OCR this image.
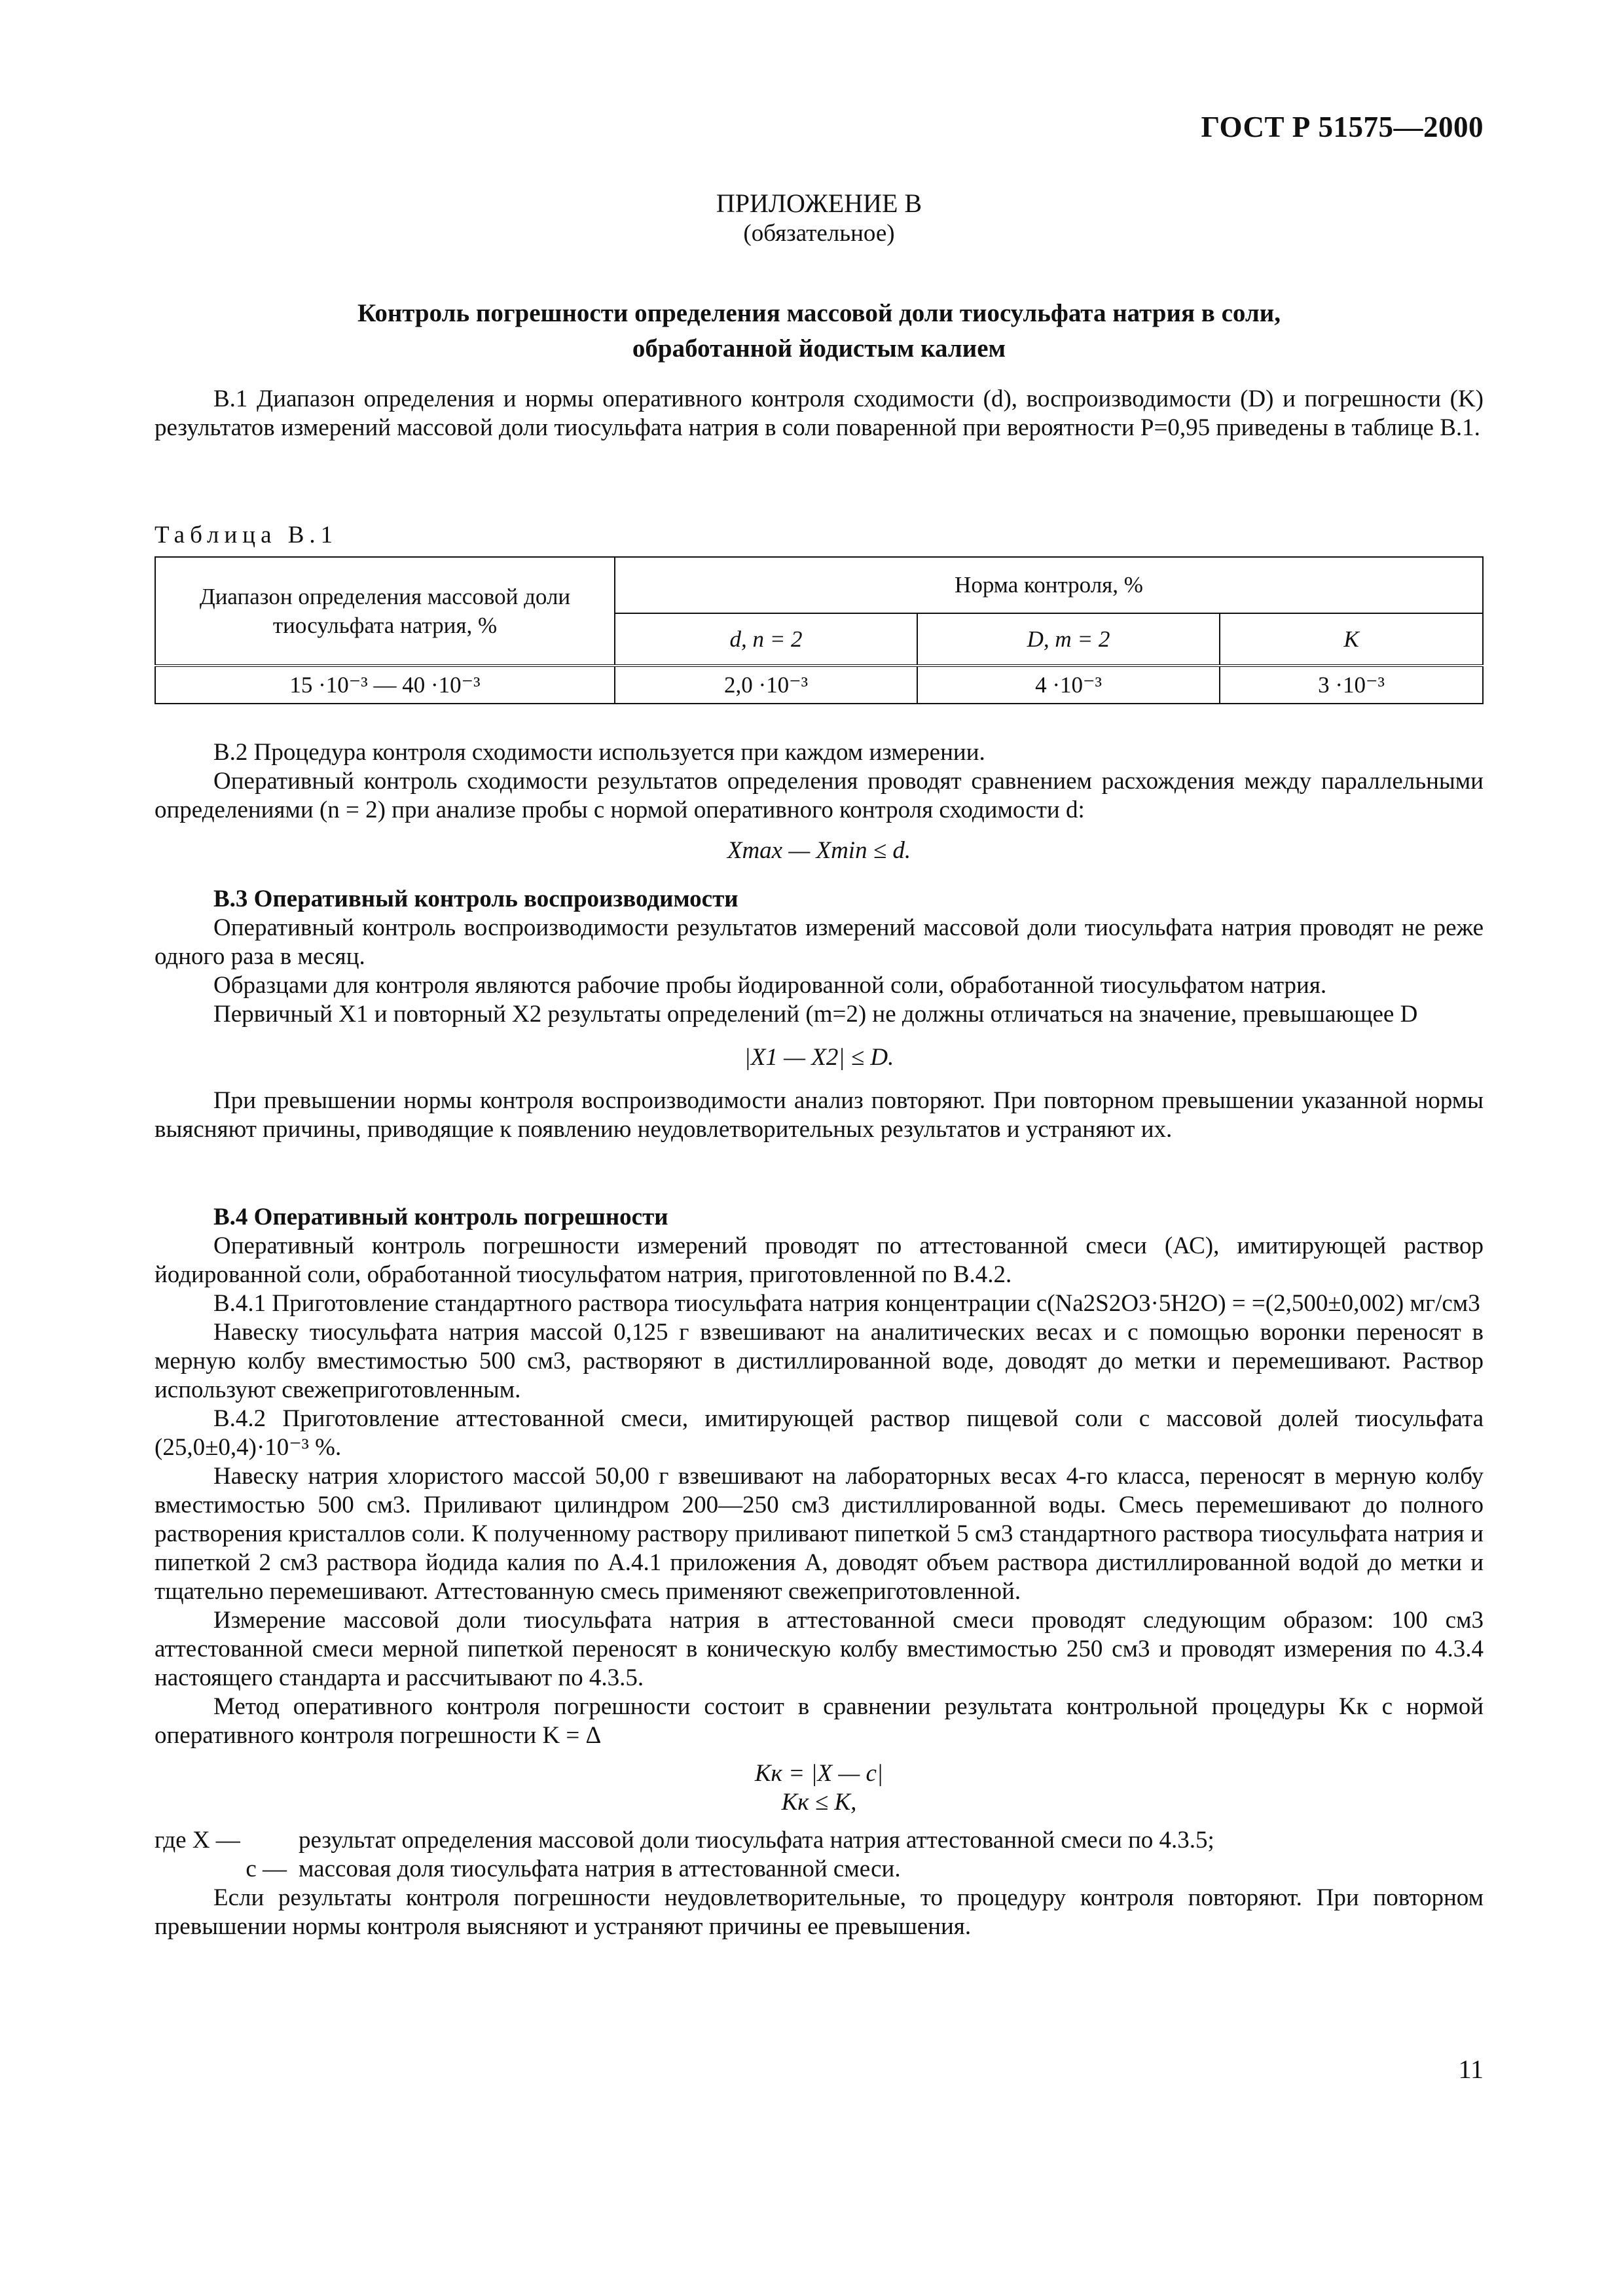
ГОСТ Р 51575—2000
ПРИЛОЖЕНИЕ В
(обязательное)
Контроль погрешности определения массовой доли тиосульфата натрия в соли,
обработанной йодистым калием

В.1 Диапазон определения и нормы оперативного контроля сходимости (d), воспроизводимости (D) и погрешности (K) результатов измерений массовой доли тиосульфата натрия в соли поваренной при вероятности P=0,95 приведены в таблице В.1.

Таблица В.1
Диапазон определения массовой доли тиосульфата натрия, %	Норма контроля, %		
	d, n = 2	D, m = 2	K
15 ·10⁻³ — 40 ·10⁻³	2,0 ·10⁻³	4 ·10⁻³	3 ·10⁻³

В.2 Процедура контроля сходимости используется при каждом измерении.

Оперативный контроль сходимости результатов определения проводят сравнением расхождения между параллельными определениями (n = 2) при анализе пробы с нормой оперативного контроля сходимости d:

Xmax — Xmin ≤ d.

В.3 Оперативный контроль воспроизводимости

Оперативный контроль воспроизводимости результатов измерений массовой доли тиосульфата натрия проводят не реже одного раза в месяц.

Образцами для контроля являются рабочие пробы йодированной соли, обработанной тиосульфатом натрия.

Первичный X1 и повторный X2 результаты определений (m=2) не должны отличаться на значение, превышающее D

|X1 — X2| ≤ D.

При превышении нормы контроля воспроизводимости анализ повторяют. При повторном превышении указанной нормы выясняют причины, приводящие к появлению неудовлетворительных результатов и устраняют их.

В.4 Оперативный контроль погрешности

Оперативный контроль погрешности измерений проводят по аттестованной смеси (АС), имитирующей раствор йодированной соли, обработанной тиосульфатом натрия, приготовленной по В.4.2.

В.4.1 Приготовление стандартного раствора тиосульфата натрия концентрации c(Na2S2O3·5H2O) = =(2,500±0,002) мг/см3

Навеску тиосульфата натрия массой 0,125 г взвешивают на аналитических весах и с помощью воронки переносят в мерную колбу вместимостью 500 см3, растворяют в дистиллированной воде, доводят до метки и перемешивают. Раствор используют свежеприготовленным.

В.4.2 Приготовление аттестованной смеси, имитирующей раствор пищевой соли с массовой долей тиосульфата (25,0±0,4)·10⁻³ %.

Навеску натрия хлористого массой 50,00 г взвешивают на лабораторных весах 4-го класса, переносят в мерную колбу вместимостью 500 см3. Приливают цилиндром 200—250 см3 дистиллированной воды. Смесь перемешивают до полного растворения кристаллов соли. К полученному раствору приливают пипеткой 5 см3 стандартного раствора тиосульфата натрия и пипеткой 2 см3 раствора йодида калия по А.4.1 приложения А, доводят объем раствора дистиллированной водой до метки и тщательно перемешивают. Аттестованную смесь применяют свежеприготовленной.

Измерение массовой доли тиосульфата натрия в аттестованной смеси проводят следующим образом: 100 см3 аттестованной смеси мерной пипеткой переносят в коническую колбу вместимостью 250 см3 и проводят измерения по 4.3.4 настоящего стандарта и рассчитывают по 4.3.5.

Метод оперативного контроля погрешности состоит в сравнении результата контрольной процедуры Kк с нормой оперативного контроля погрешности K = Δ

Kк = |X — c|

Kк ≤ K,

где X —	результат определения массовой доли тиосульфата натрия аттестованной смеси по 4.3.5;
c — массовая доля тиосульфата натрия в аттестованной смеси.

Если результаты контроля погрешности неудовлетворительные, то процедуру контроля повторяют. При повторном превышении нормы контроля выясняют и устраняют причины ее превышения.

11
